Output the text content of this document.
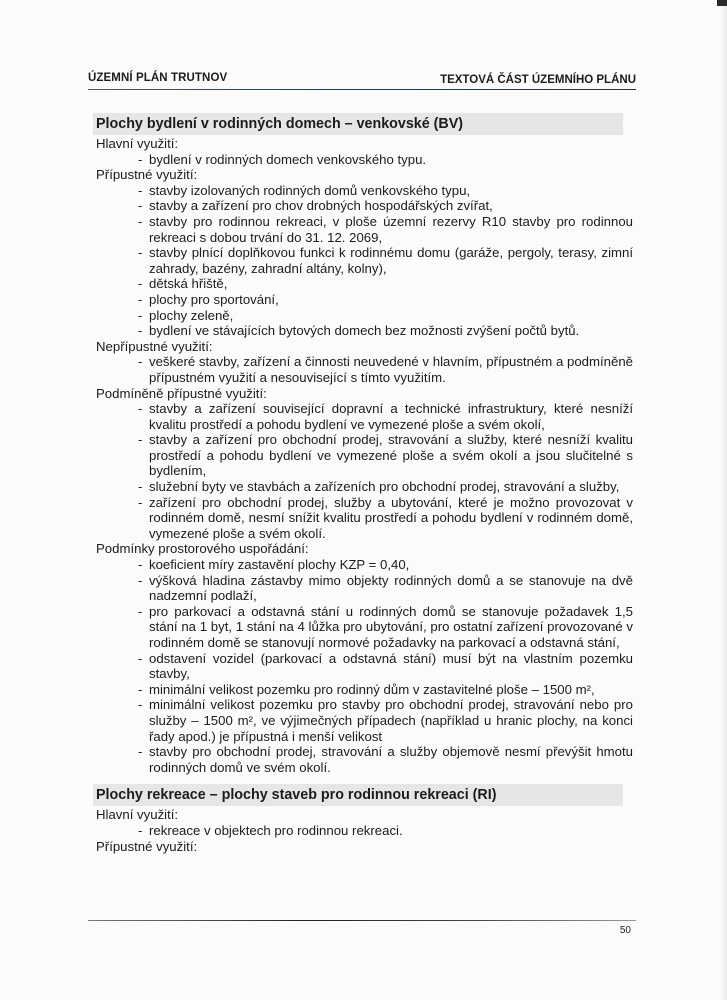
ÚZEMNÍ PLÁN TRUTNOV	TEXTOVÁ ČÁST ÚZEMNÍHO PLÁNU
Plochy bydlení v rodinných domech – venkovské (BV)
Hlavní využití:
- bydlení v rodinných domech venkovského typu.
Přípustné využití:
- stavby izolovaných rodinných domů venkovského typu,
- stavby a zařízení pro chov drobných hospodářských zvířat,
- stavby pro rodinnou rekreaci, v ploše územní rezervy R10 stavby pro rodinnou rekreaci s dobou trvání do 31. 12. 2069,
- stavby plnící doplňkovou funkci k rodinnému domu (garáže, pergoly, terasy, zimní zahrady, bazény, zahradní altány, kolny),
- dětská hřiště,
- plochy pro sportování,
- plochy zeleně,
- bydlení ve stávajících bytových domech bez možnosti zvýšení počtů bytů.
Nepřípustné využití:
- veškeré stavby, zařízení a činnosti neuvedené v hlavním, přípustném a podmíněně přípustném využití a nesouvisející s tímto využitím.
Podmíněně přípustné využití:
- stavby a zařízení související dopravní a technické infrastruktury, které nesníží kvalitu prostředí a pohodu bydlení ve vymezené ploše a svém okolí,
- stavby a zařízení pro obchodní prodej, stravování a služby, které nesníží kvalitu prostředí a pohodu bydlení ve vymezené ploše a svém okolí a jsou slučitelné s bydlením,
- služební byty ve stavbách a zařízeních pro obchodní prodej, stravování a služby,
- zařízení pro obchodní prodej, služby a ubytování, které je možno provozovat v rodinném domě, nesmí snížit kvalitu prostředí a pohodu bydlení v rodinném domě, vymezené ploše a svém okolí.
Podmínky prostorového uspořádání:
- koeficient míry zastavění plochy KZP = 0,40,
- výšková hladina zástavby mimo objekty rodinných domů a se stanovuje na dvě nadzemní podlaží,
- pro parkovací a odstavná stání u rodinných domů se stanovuje požadavek 1,5 stání na 1 byt, 1 stání na 4 lůžka pro ubytování, pro ostatní zařízení provozované v rodinném domě se stanovují normové požadavky na parkovací a odstavná stání,
- odstavení vozidel (parkovací a odstavná stání) musí být na vlastním pozemku stavby,
- minimální velikost pozemku pro rodinný dům v zastavitelné ploše – 1500 m²,
- minimální velikost pozemku pro stavby pro obchodní prodej, stravování nebo pro služby – 1500 m², ve výjimečných případech (například u hranic plochy, na konci řady apod.) je přípustná i menší velikost
- stavby pro obchodní prodej, stravování a služby objemově nesmí převýšit hmotu rodinných domů ve svém okolí.
Plochy rekreace – plochy staveb pro rodinnou rekreaci (RI)
Hlavní využití:
- rekreace v objektech pro rodinnou rekreaci.
Přípustné využití:
50
